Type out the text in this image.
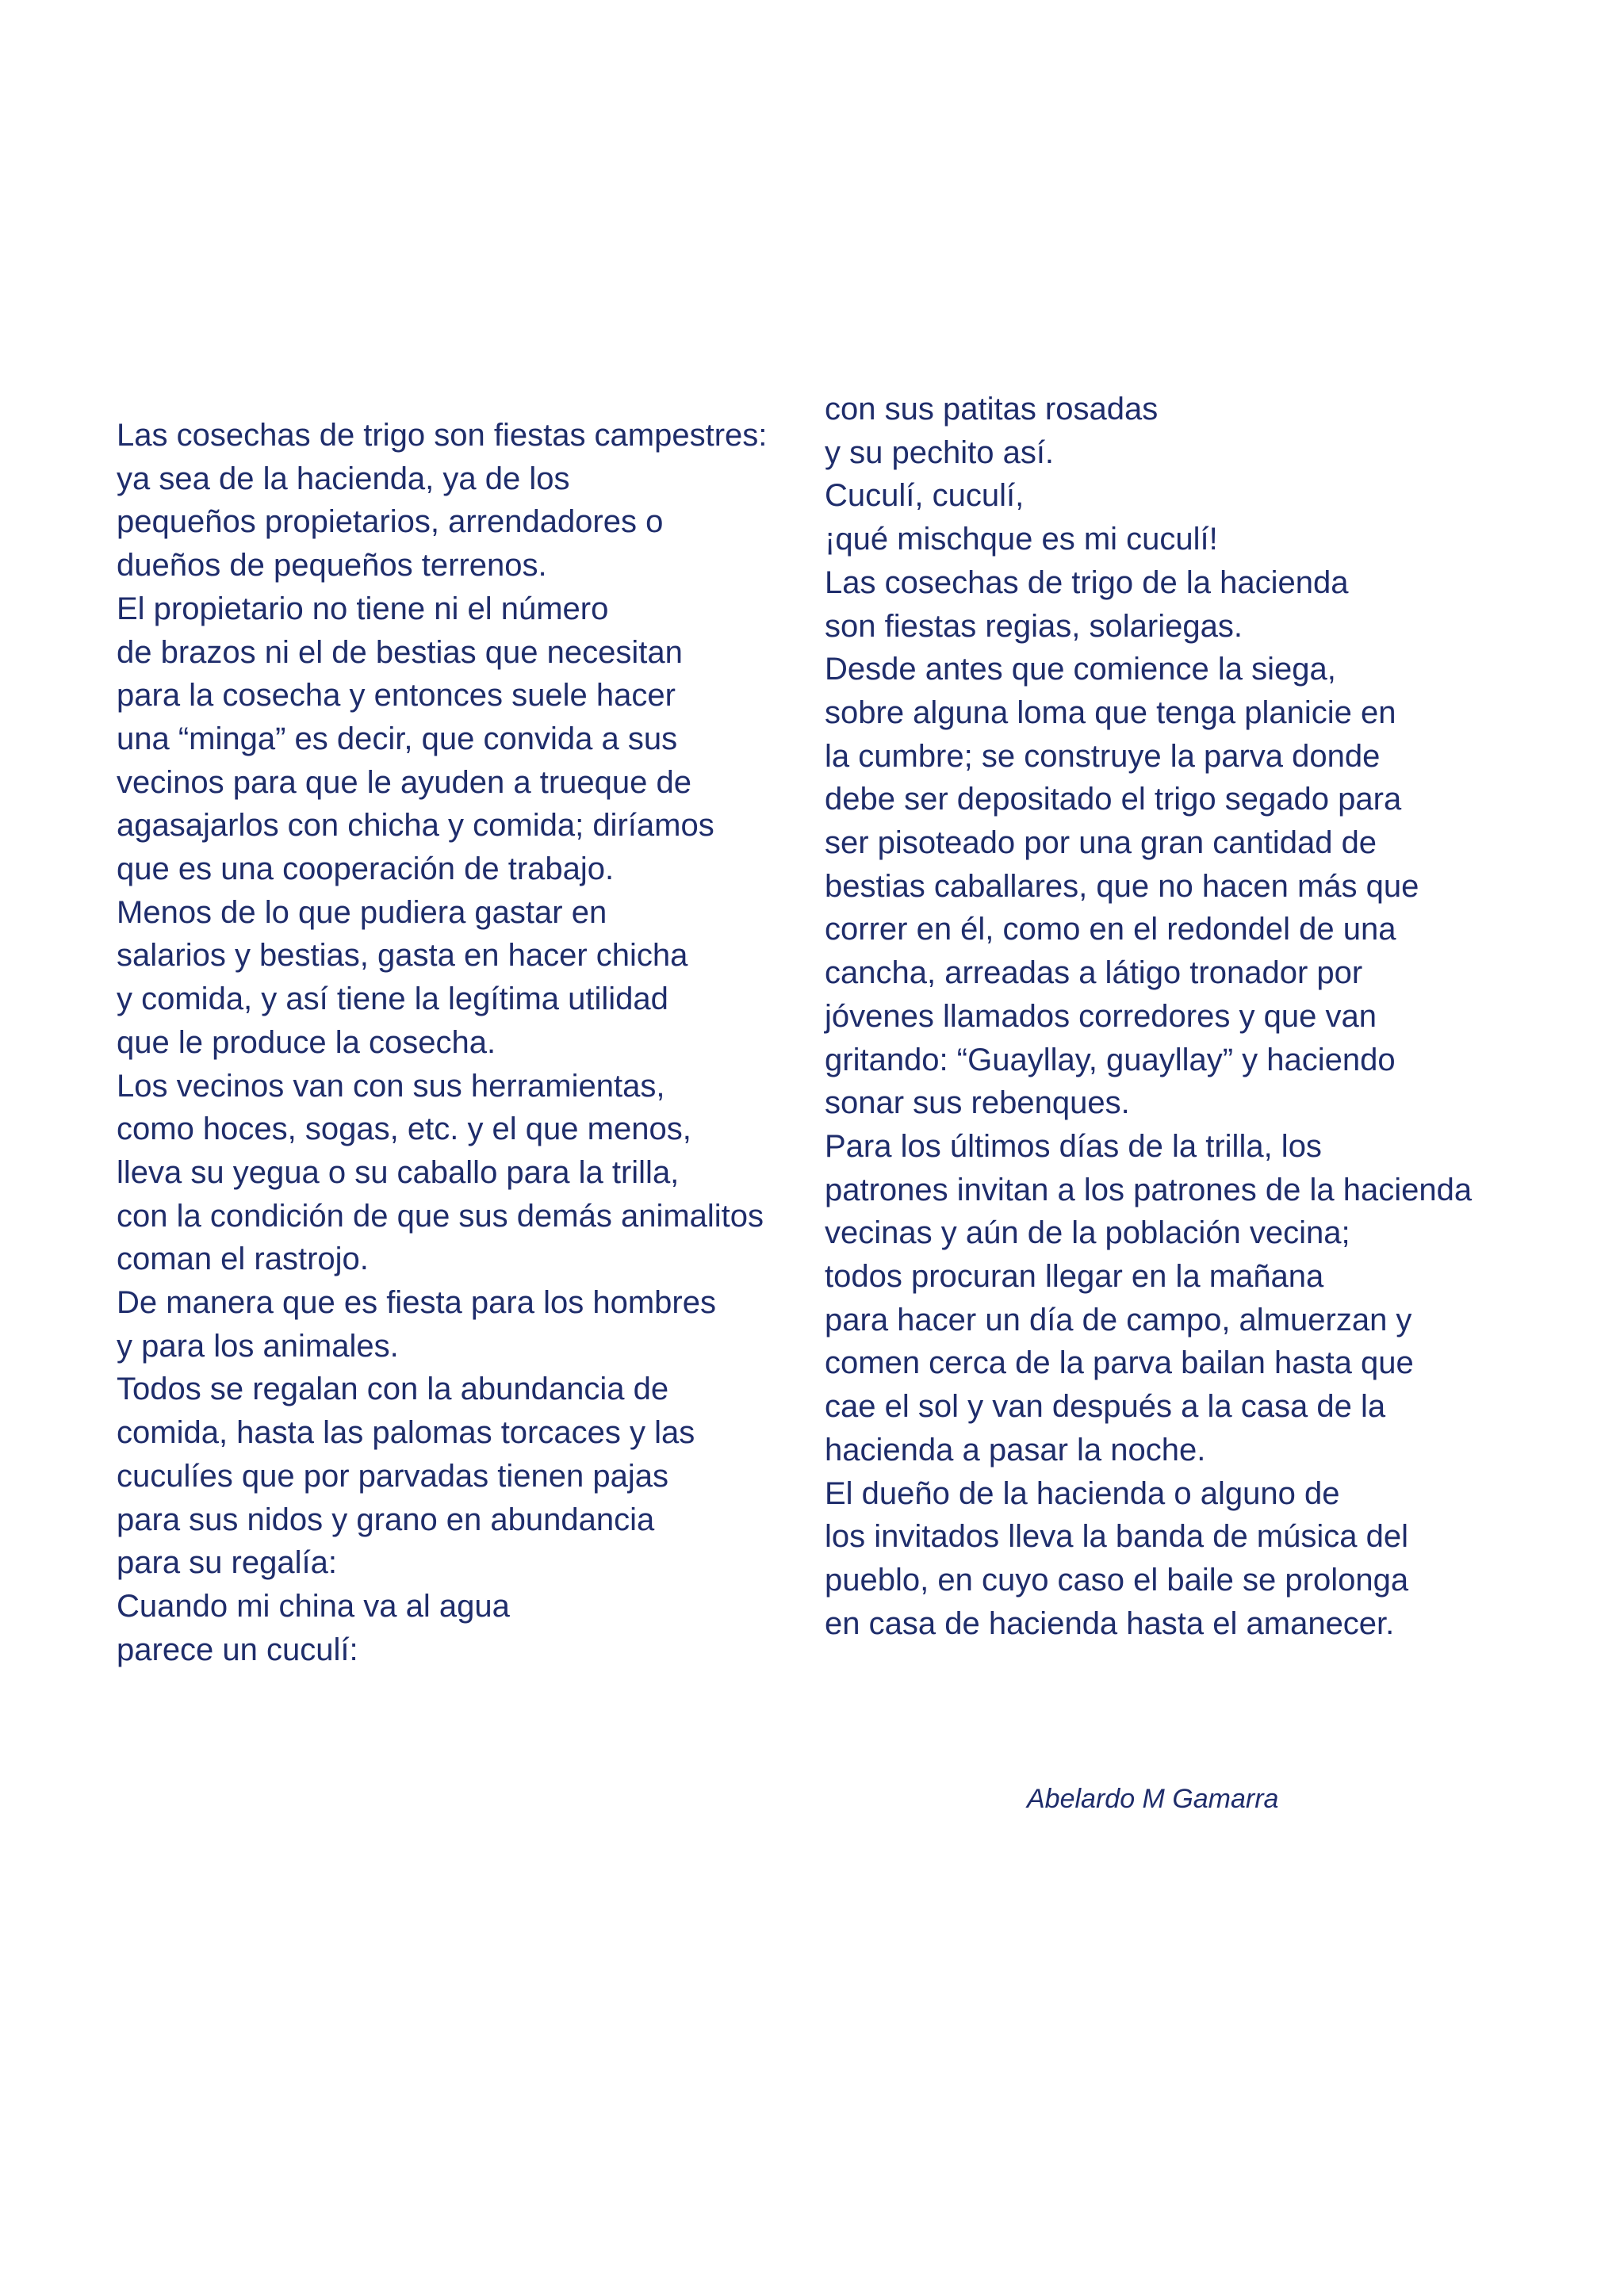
Las cosechas de trigo son fiestas campestres:
ya sea de la hacienda, ya de los
pequeños propietarios, arrendadores o
dueños de pequeños terrenos.
El propietario no tiene ni el número
de brazos ni el de bestias que necesitan
para la cosecha y entonces suele hacer
una “minga” es decir, que convida a sus
vecinos para que le ayuden a trueque de
agasajarlos con chicha y comida; diríamos
que es una cooperación de trabajo.
Menos de lo que pudiera gastar en
salarios y bestias, gasta en hacer chicha
y comida, y así tiene la legítima utilidad
que le produce la cosecha.
Los vecinos van con sus herramientas,
como hoces, sogas, etc. y el que menos,
lleva su yegua o su caballo para la trilla,
con la condición de que sus demás animalitos
coman el rastrojo.
De manera que es fiesta para los hombres
y para los animales.
Todos se regalan con la abundancia de
comida, hasta las palomas torcaces y las
cuculíes que por parvadas tienen pajas
para sus nidos y grano en abundancia
para su regalía:
Cuando mi china va al agua
parece un cuculí:
con sus patitas rosadas
y su pechito así.
Cuculí, cuculí,
¡qué mischque es mi cuculí!
Las cosechas de trigo de la hacienda
son fiestas regias, solariegas.
Desde antes que comience la siega,
sobre alguna loma que tenga planicie en
la cumbre; se construye la parva donde
debe ser depositado el trigo segado para
ser pisoteado por una gran cantidad de
bestias caballares, que no hacen más que
correr en él, como en el redondel de una
cancha, arreadas a látigo tronador por
jóvenes llamados corredores y que van
gritando: “Guayllay, guayllay” y haciendo
sonar sus rebenques.
Para los últimos días de la trilla, los
patrones invitan a los patrones de la hacienda
vecinas y aún de la población vecina;
todos procuran llegar en la mañana
para hacer un día de campo, almuerzan y
comen cerca de la parva bailan hasta que
cae el sol y van después a la casa de la
hacienda a pasar la noche.
El dueño de la hacienda o alguno de
los invitados lleva la banda de música del
pueblo, en cuyo caso el baile se prolonga
en casa de hacienda hasta el amanecer.
Abelardo M Gamarra
